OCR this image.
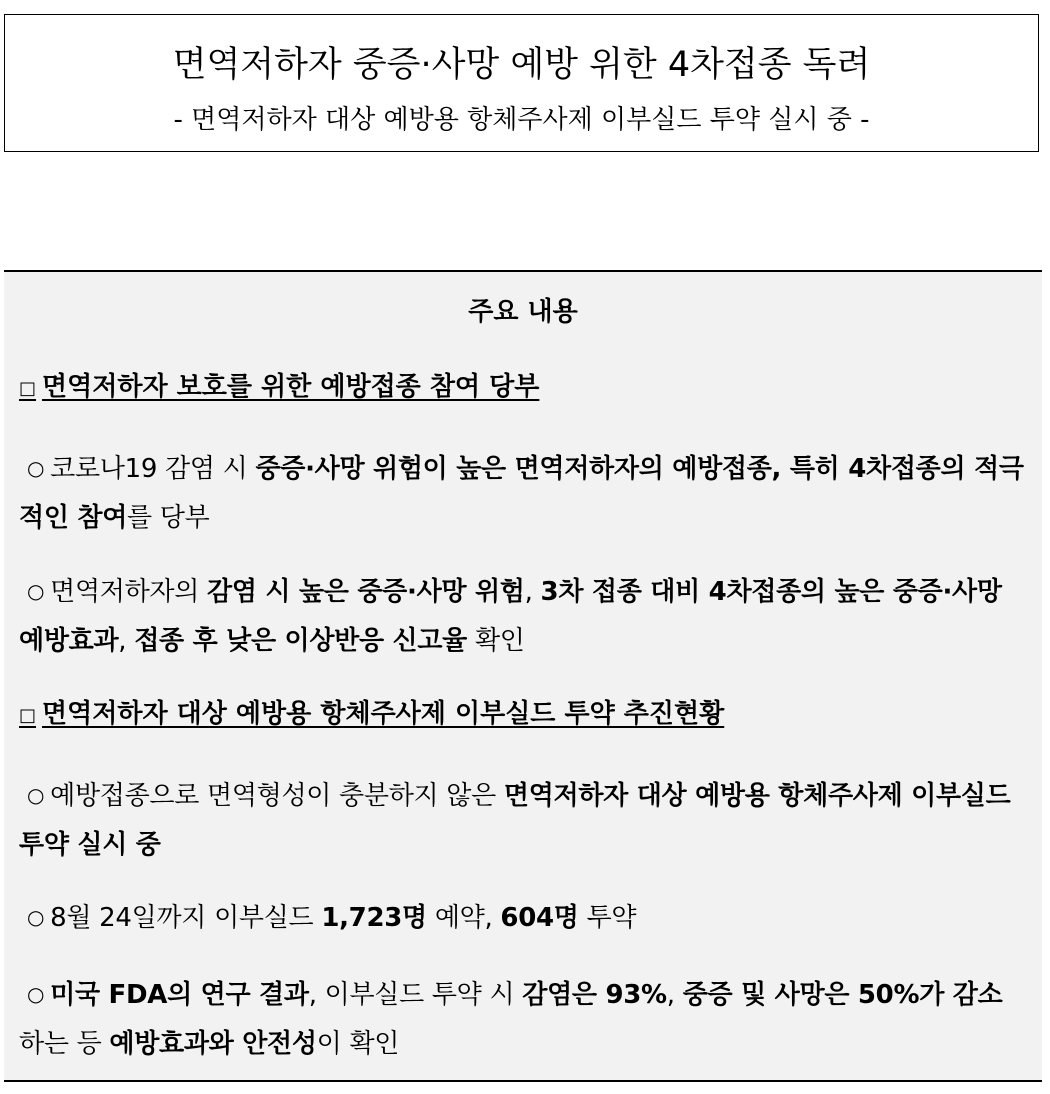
면역저하자 중증·사망 예방 위한 4차접종 독려
- 면역저하자 대상 예방용 항체주사제 이부실드 투약 실시 중 -
주요 내용
□ 면역저하자 보호를 위한 예방접종 참여 당부
○ 코로나19 감염 시 중증·사망 위험이 높은 면역저하자의 예방접종, 특히 4차접종의 적극적인 참여를 당부
○ 면역저하자의 감염 시 높은 중증·사망 위험, 3차 접종 대비 4차접종의 높은 중증·사망 예방효과, 접종 후 낮은 이상반응 신고율 확인
□ 면역저하자 대상 예방용 항체주사제 이부실드 투약 추진현황
○ 예방접종으로 면역형성이 충분하지 않은 면역저하자 대상 예방용 항체주사제 이부실드 투약 실시 중
○ 8월 24일까지 이부실드 1,723명 예약, 604명 투약
○ 미국 FDA의 연구 결과, 이부실드 투약 시 감염은 93%, 중증 및 사망은 50%가 감소하는 등 예방효과와 안전성이 확인
